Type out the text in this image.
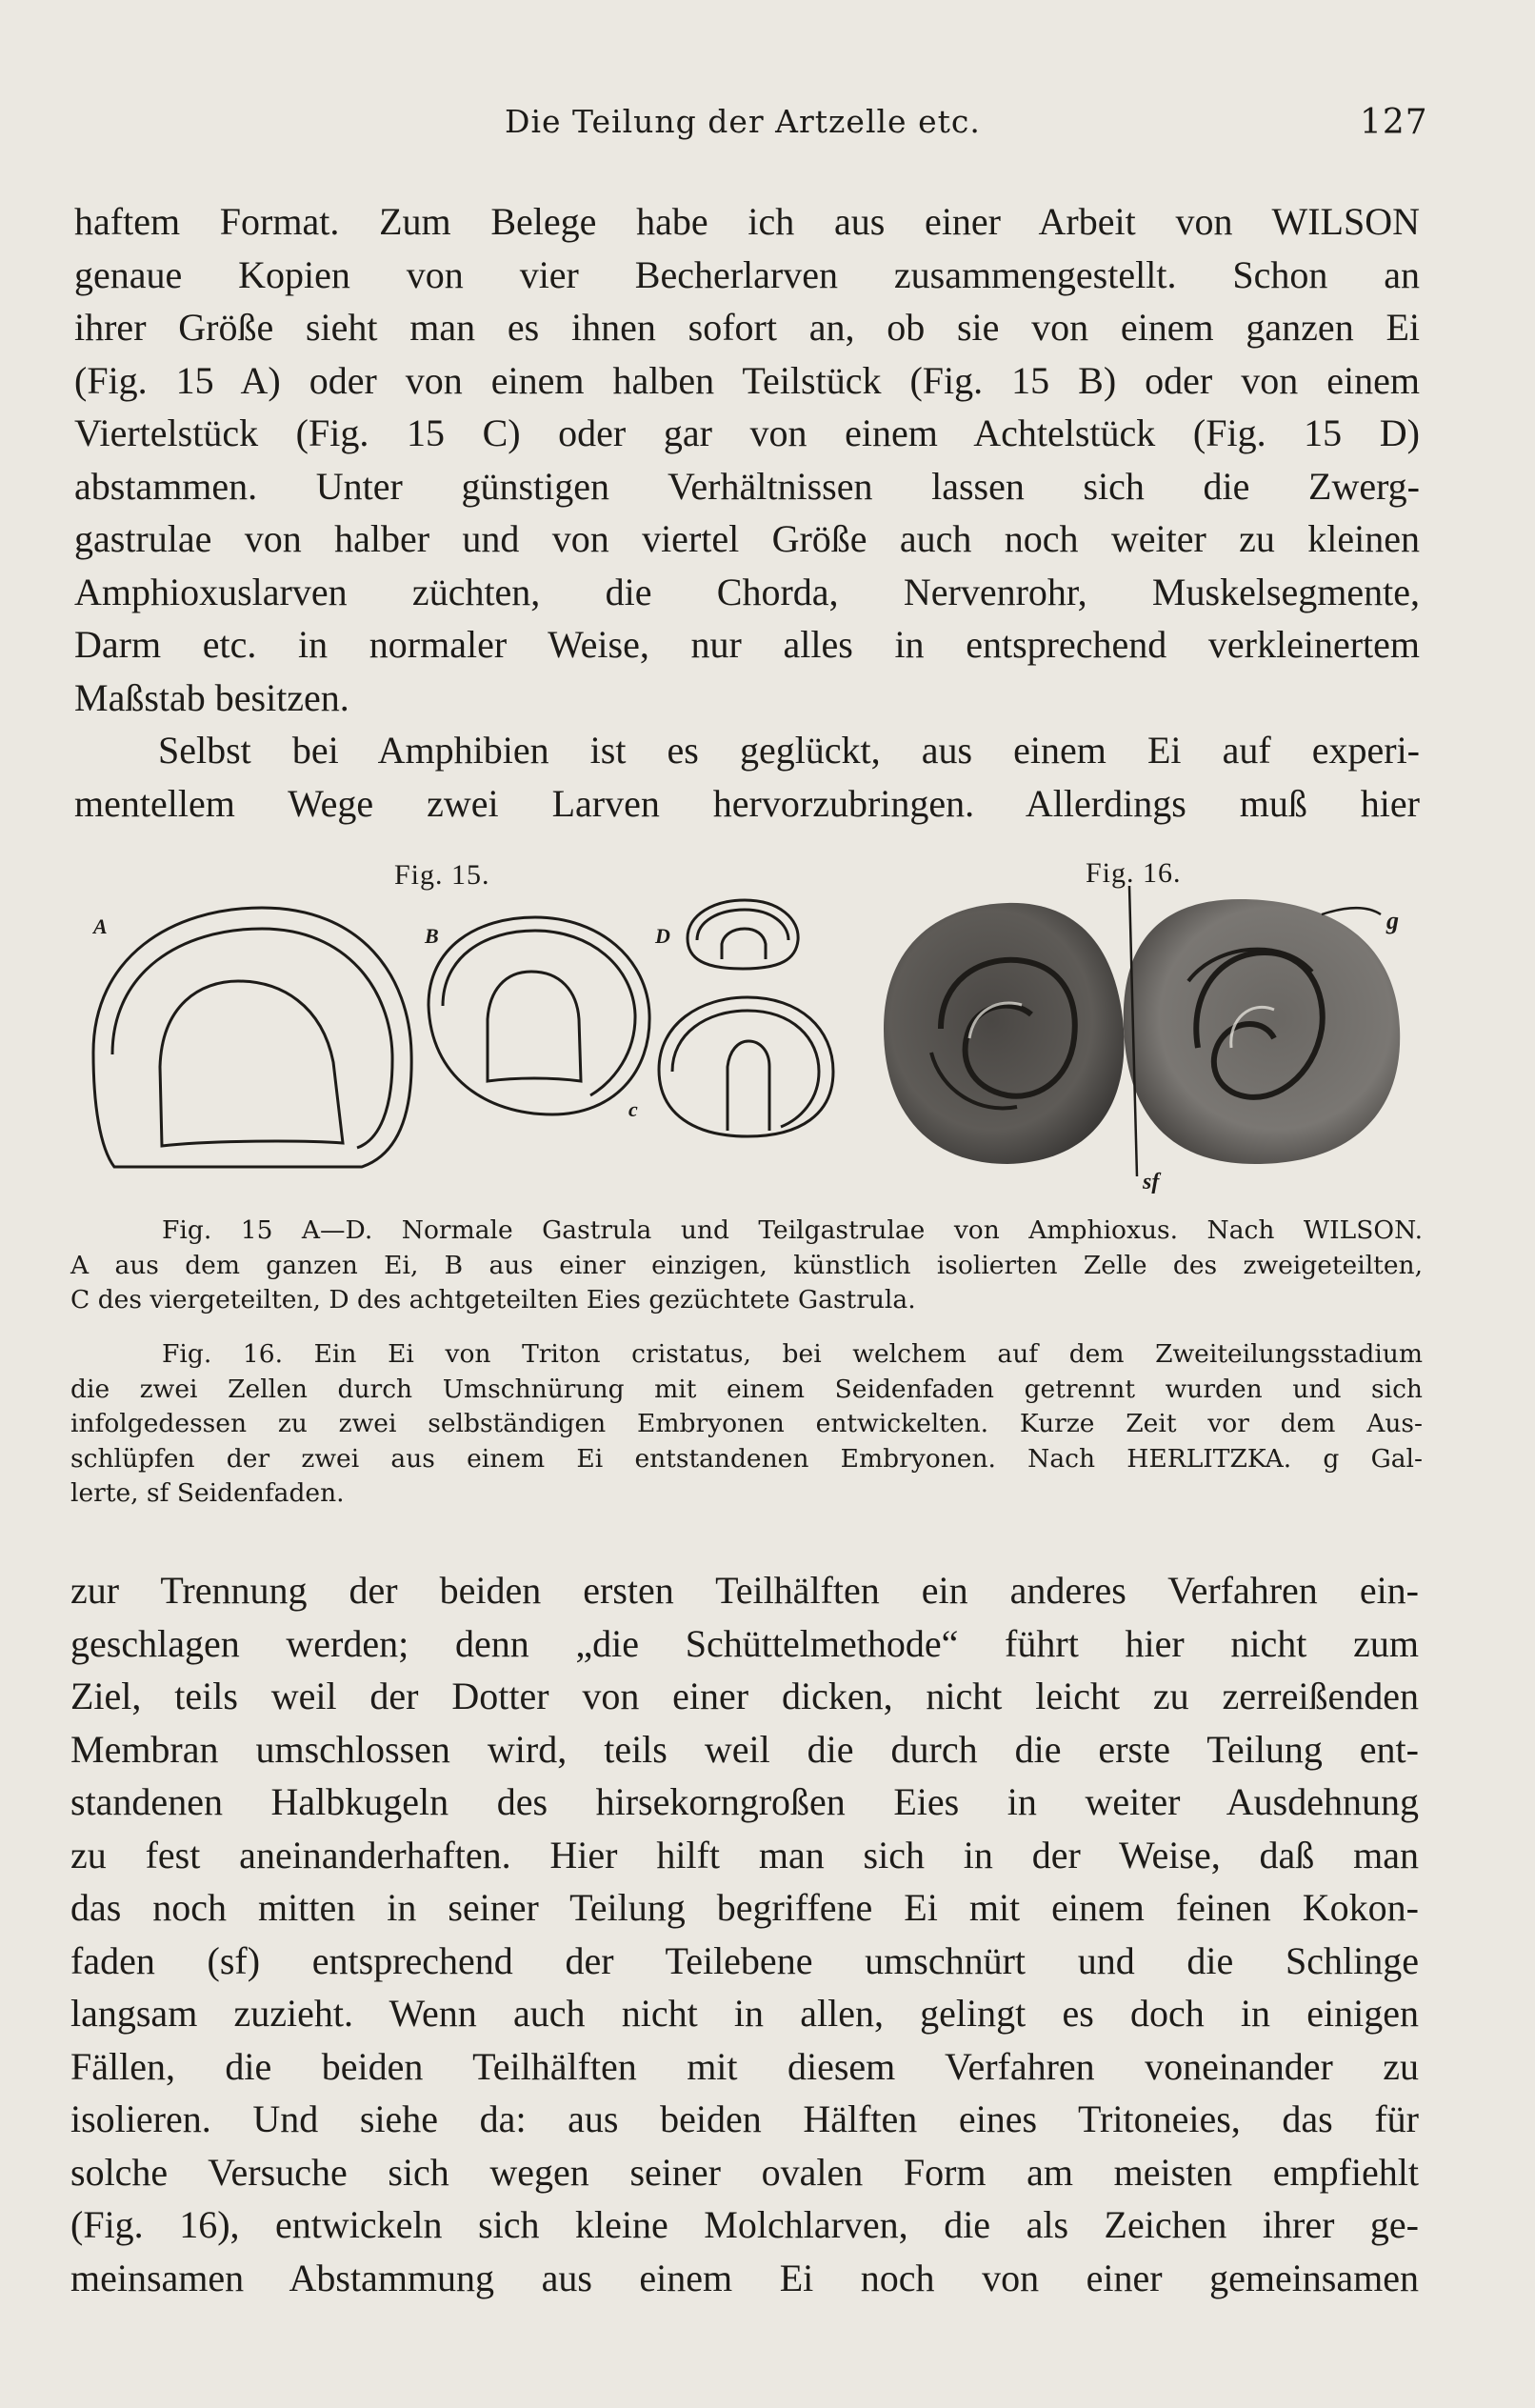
Die Teilung der Artzelle etc.	127
haftem Format. Zum Belege habe ich aus einer Arbeit von WILSON
genaue Kopien von vier Becherlarven zusammengestellt. Schon an
ihrer Größe sieht man es ihnen sofort an, ob sie von einem ganzen Ei
(Fig. 15 A) oder von einem halben Teilstück (Fig. 15 B) oder von einem
Viertelstück (Fig. 15 C) oder gar von einem Achtelstück (Fig. 15 D)
abstammen. Unter günstigen Verhältnissen lassen sich die Zwerg-
gastrulae von halber und von viertel Größe auch noch weiter zu kleinen
Amphioxuslarven züchten, die Chorda, Nervenrohr, Muskelsegmente,
Darm etc. in normaler Weise, nur alles in entsprechend verkleinertem
Maßstab besitzen.
Selbst bei Amphibien ist es geglückt, aus einem Ei auf experi-
mentellem Wege zwei Larven hervorzubringen. Allerdings muß hier
Fig. 15.	Fig. 16.
A	B	D
c
g
sf
Fig. 15 A—D. Normale Gastrula und Teilgastrulae von Amphioxus. Nach WILSON.
A aus dem ganzen Ei, B aus einer einzigen, künstlich isolierten Zelle des zweigeteilten,
C des viergeteilten, D des achtgeteilten Eies gezüchtete Gastrula.
Fig. 16. Ein Ei von Triton cristatus, bei welchem auf dem Zweiteilungsstadium
die zwei Zellen durch Umschnürung mit einem Seidenfaden getrennt wurden und sich
infolgedessen zu zwei selbständigen Embryonen entwickelten. Kurze Zeit vor dem Aus-
schlüpfen der zwei aus einem Ei entstandenen Embryonen. Nach HERLITZKA. g Gal-
lerte, sf Seidenfaden.
zur Trennung der beiden ersten Teilhälften ein anderes Verfahren ein-
geschlagen werden; denn „die Schüttelmethode“ führt hier nicht zum
Ziel, teils weil der Dotter von einer dicken, nicht leicht zu zerreißenden
Membran umschlossen wird, teils weil die durch die erste Teilung ent-
standenen Halbkugeln des hirsekorngroßen Eies in weiter Ausdehnung
zu fest aneinanderhaften. Hier hilft man sich in der Weise, daß man
das noch mitten in seiner Teilung begriffene Ei mit einem feinen Kokon-
faden (sf) entsprechend der Teilebene umschnürt und die Schlinge
langsam zuzieht. Wenn auch nicht in allen, gelingt es doch in einigen
Fällen, die beiden Teilhälften mit diesem Verfahren voneinander zu
isolieren. Und siehe da: aus beiden Hälften eines Tritoneies, das für
solche Versuche sich wegen seiner ovalen Form am meisten empfiehlt
(Fig. 16), entwickeln sich kleine Molchlarven, die als Zeichen ihrer ge-
meinsamen Abstammung aus einem Ei noch von einer gemeinsamen
